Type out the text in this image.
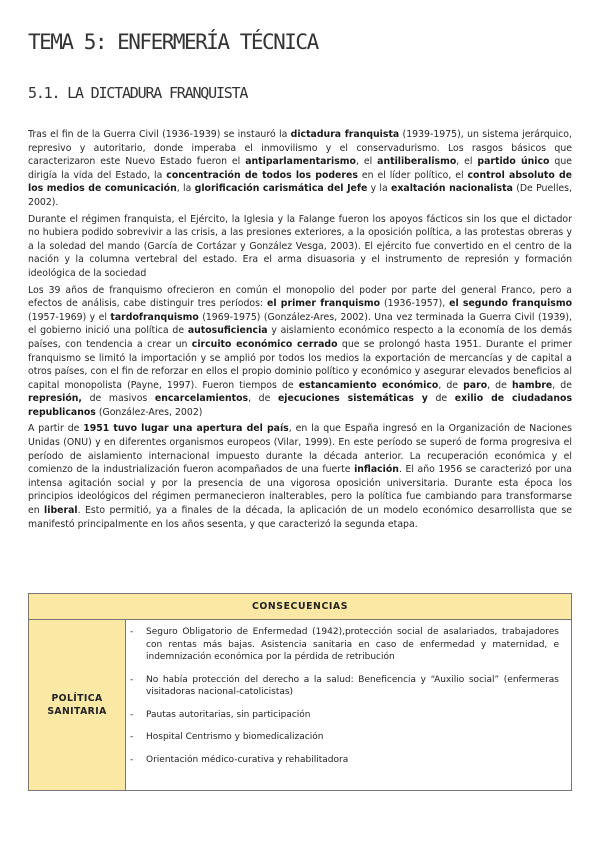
TEMA 5: ENFERMERÍA TÉCNICA
5.1. LA DICTADURA FRANQUISTA

Tras el fin de la Guerra Civil (1936-1939) se instauró la dictadura franquista (1939-1975), un sistema jerárquico, represivo y autoritario, donde imperaba el inmovilismo y el conservadurismo. Los rasgos básicos que caracterizaron este Nuevo Estado fueron el antiparlamentarismo, el antiliberalismo, el partido único que dirigía la vida del Estado, la concentración de todos los poderes en el líder político, el control absoluto de los medios de comunicación, la glorificación carismática del Jefe y la exaltación nacionalista (De Puelles, 2002).

Durante el régimen franquista, el Ejército, la Iglesia y la Falange fueron los apoyos fácticos sin los que el dictador no hubiera podido sobrevivir a las crisis, a las presiones exteriores, a la oposición política, a las protestas obreras y a la soledad del mando (García de Cortázar y González Vesga, 2003). El ejército fue convertido en el centro de la nación y la columna vertebral del estado. Era el arma disuasoria y el instrumento de represión y formación ideológica de la sociedad

Los 39 años de franquismo ofrecieron en común el monopolio del poder por parte del general Franco, pero a efectos de análisis, cabe distinguir tres períodos: el primer franquismo (1936-1957), el segundo franquismo (1957-1969) y el tardofranquismo (1969-1975) (González-Ares, 2002). Una vez terminada la Guerra Civil (1939), el gobierno inició una política de autosuficiencia y aislamiento económico respecto a la economía de los demás países, con tendencia a crear un circuito económico cerrado que se prolongó hasta 1951. Durante el primer franquismo se limitó la importación y se amplió por todos los medios la exportación de mercancías y de capital a otros países, con el fin de reforzar en ellos el propio dominio político y económico y asegurar elevados beneficios al capital monopolista (Payne, 1997). Fueron tiempos de estancamiento económico, de paro, de hambre, de represión, de masivos encarcelamientos, de ejecuciones sistemáticas y de exilio de ciudadanos republicanos (González-Ares, 2002)

A partir de 1951 tuvo lugar una apertura del país, en la que España ingresó en la Organización de Naciones Unidas (ONU) y en diferentes organismos europeos (Vilar, 1999). En este período se superó de forma progresiva el período de aislamiento internacional impuesto durante la década anterior. La recuperación económica y el comienzo de la industrialización fueron acompañados de una fuerte inflación. El año 1956 se caracterizó por una intensa agitación social y por la presencia de una vigorosa oposición universitaria. Durante esta época los principios ideológicos del régimen permanecieron inalterables, pero la política fue cambiando para transformarse en liberal. Esto permitió, ya a finales de la década, la aplicación de un modelo económico desarrollista que se manifestó principalmente en los años sesenta, y que caracterizó la segunda etapa.

CONSECUENCIAS
POLÍTICA SANITARIA	
- Seguro Obligatorio de Enfermedad (1942),protección social de asalariados, trabajadores con rentas más bajas. Asistencia sanitaria en caso de enfermedad y maternidad, e indemnización económica por la pérdida de retribución
- No había protección del derecho a la salud: Beneficencia y “Auxilio social” (enfermeras visitadoras nacional-catolicistas)
- Pautas autoritarias, sin participación
- Hospital Centrismo y biomedicalización
- Orientación médico-curativa y rehabilitadora
